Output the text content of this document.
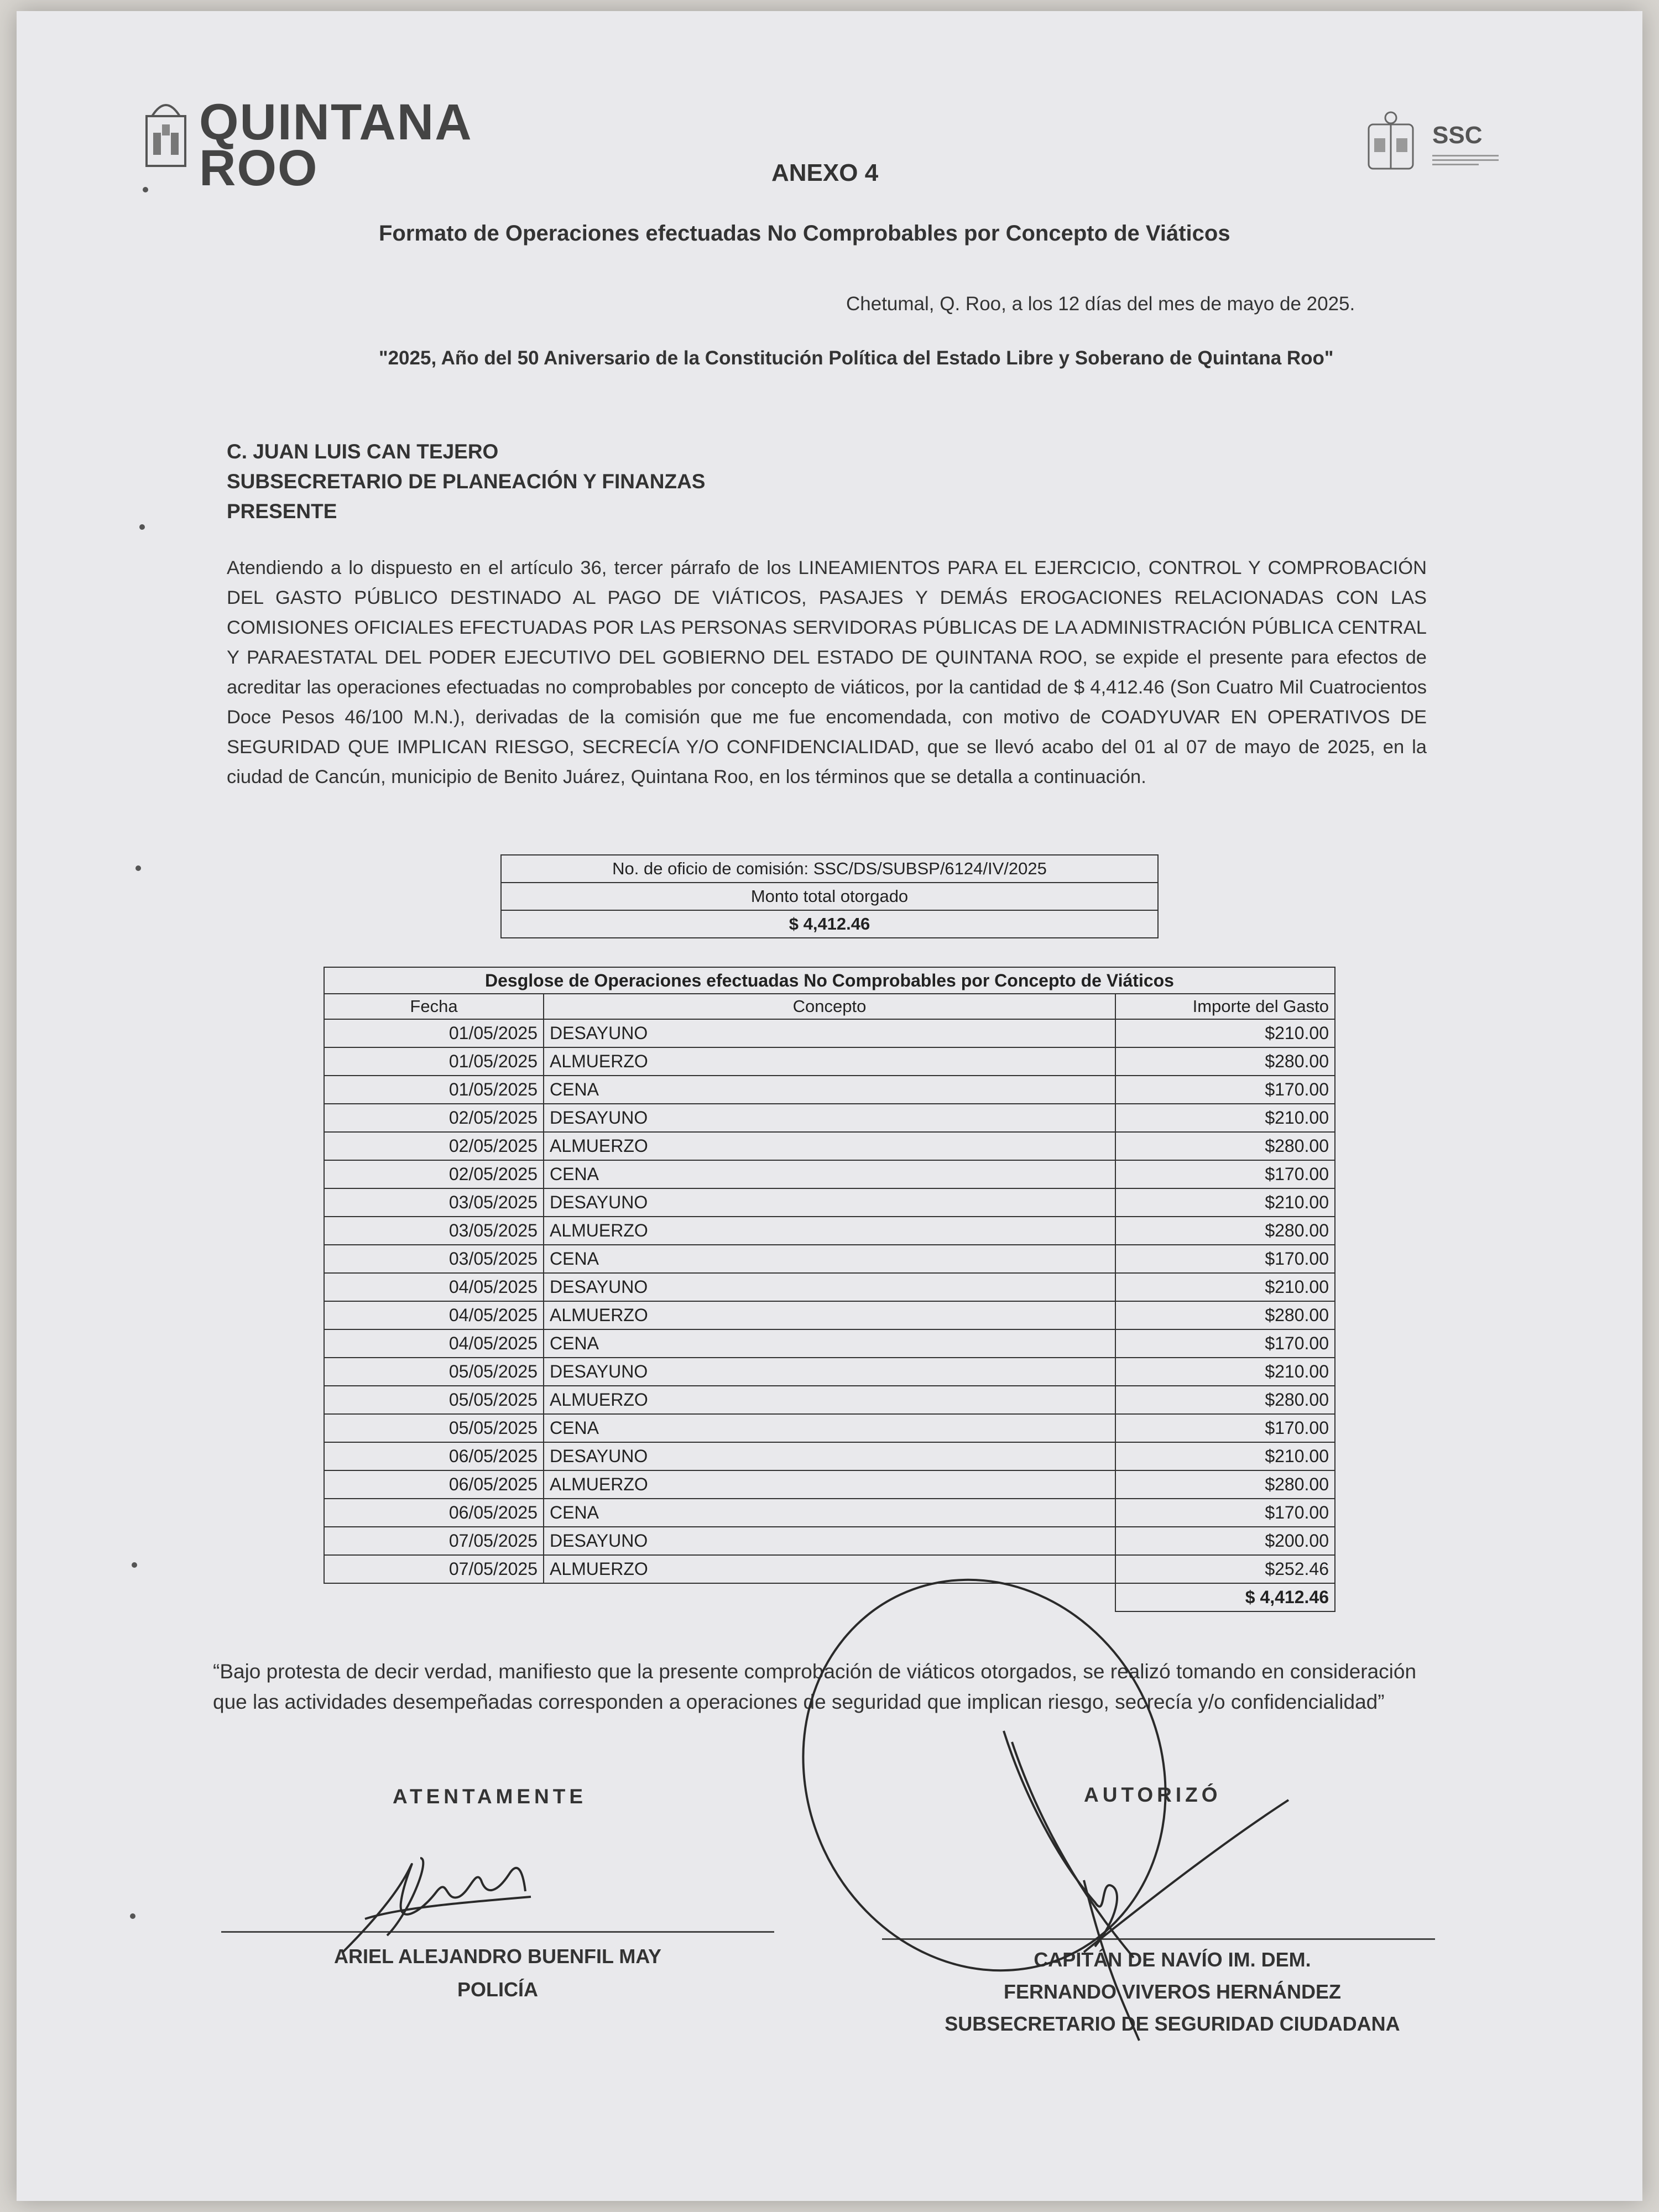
QUINTANA ROO
SSC
ANEXO 4
Formato de Operaciones efectuadas No Comprobables por Concepto de Viáticos
Chetumal, Q. Roo, a los 12 días del mes de mayo de 2025.
"2025, Año del 50 Aniversario de la Constitución Política del Estado Libre y Soberano de Quintana Roo"
C. JUAN LUIS CAN TEJERO
SUBSECRETARIO DE PLANEACIÓN Y FINANZAS
PRESENTE
Atendiendo a lo dispuesto en el artículo 36, tercer párrafo de los LINEAMIENTOS PARA EL EJERCICIO, CONTROL Y COMPROBACIÓN DEL GASTO PÚBLICO DESTINADO AL PAGO DE VIÁTICOS, PASAJES Y DEMÁS EROGACIONES RELACIONADAS CON LAS COMISIONES OFICIALES EFECTUADAS POR LAS PERSONAS SERVIDORAS PÚBLICAS DE LA ADMINISTRACIÓN PÚBLICA CENTRAL Y PARAESTATAL DEL PODER EJECUTIVO DEL GOBIERNO DEL ESTADO DE QUINTANA ROO, se expide el presente para efectos de acreditar las operaciones efectuadas no comprobables por concepto de viáticos, por la cantidad de $ 4,412.46 (Son Cuatro Mil Cuatrocientos Doce Pesos 46/100 M.N.), derivadas de la comisión que me fue encomendada, con motivo de COADYUVAR EN OPERATIVOS DE SEGURIDAD QUE IMPLICAN RIESGO, SECRECÍA Y/O CONFIDENCIALIDAD, que se llevó acabo del 01 al 07 de mayo de 2025, en la ciudad de Cancún, municipio de Benito Juárez, Quintana Roo, en los términos que se detalla a continuación.
No. de oficio de comisión: SSC/DS/SUBSP/6124/IV/2025
Monto total otorgado
$ 4,412.46
Desglose de Operaciones efectuadas No Comprobables por Concepto de Viáticos		
Fecha	Concepto	Importe del Gasto
01/05/2025	DESAYUNO	$210.00
01/05/2025	ALMUERZO	$280.00
01/05/2025	CENA	$170.00
02/05/2025	DESAYUNO	$210.00
02/05/2025	ALMUERZO	$280.00
02/05/2025	CENA	$170.00
03/05/2025	DESAYUNO	$210.00
03/05/2025	ALMUERZO	$280.00
03/05/2025	CENA	$170.00
04/05/2025	DESAYUNO	$210.00
04/05/2025	ALMUERZO	$280.00
04/05/2025	CENA	$170.00
05/05/2025	DESAYUNO	$210.00
05/05/2025	ALMUERZO	$280.00
05/05/2025	CENA	$170.00
06/05/2025	DESAYUNO	$210.00
06/05/2025	ALMUERZO	$280.00
06/05/2025	CENA	$170.00
07/05/2025	DESAYUNO	$200.00
07/05/2025	ALMUERZO	$252.46
		$ 4,412.46
“Bajo protesta de decir verdad, manifiesto que la presente comprobación de viáticos otorgados, se realizó tomando en consideración que las actividades desempeñadas corresponden a operaciones de seguridad que implican riesgo, secrecía y/o confidencialidad”
ATENTAMENTE	AUTORIZÓ
ARIEL ALEJANDRO BUENFIL MAY
POLICÍA
CAPITÁN DE NAVÍO IM. DEM.
FERNANDO VIVEROS HERNÁNDEZ
SUBSECRETARIO DE SEGURIDAD CIUDADANA
